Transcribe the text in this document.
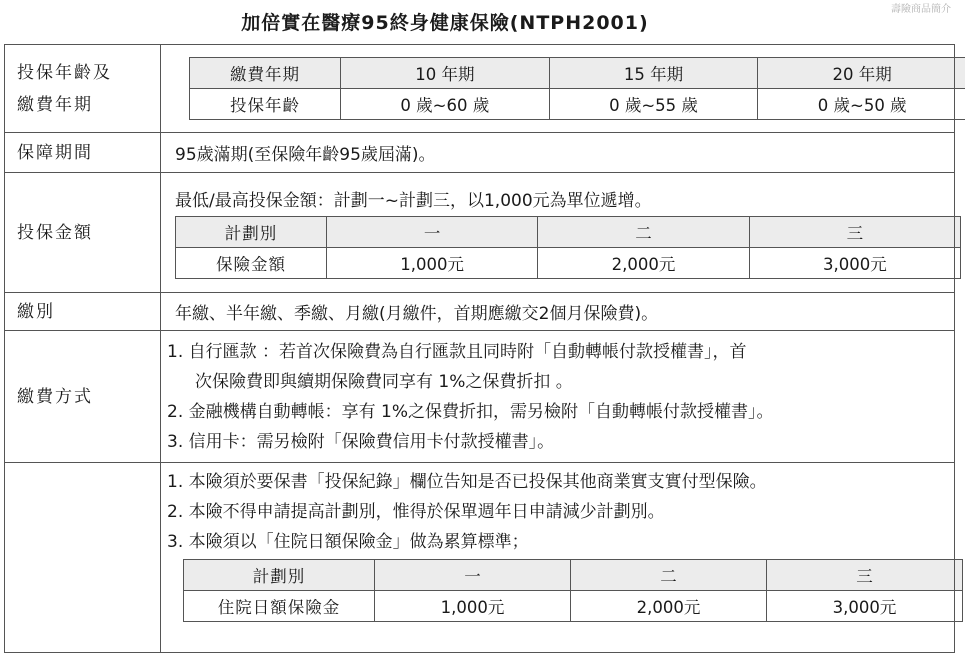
壽險商品簡介
加倍實在醫療95終身健康保險(NTPH2001)
投保年齡及
繳費年期

繳費年期	10 年期	15 年期	20 年期
投保年齡	0 歲~60 歲	0 歲~55 歲	0 歲~50 歲

保障期間	95歲滿期(至保險年齡95歲屆滿)。
投保金額	
最低/最高投保金額：計劃一~計劃三，以1,000元為單位遞增。
計劃別	一	二	三
保險金額	1,000元	2,000元	3,000元

繳別	年繳、半年繳、季繳、月繳(月繳件，首期應繳交2個月保險費)。
繳費方式	
1. 自行匯款 ：若首次保險費為自行匯款且同時附「自動轉帳付款授權書」，首
次保險費即與續期保險費同享有 1%之保費折扣 。
2. 金融機構自動轉帳：享有 1%之保費折扣，需另檢附「自動轉帳付款授權書」。
3. 信用卡：需另檢附「保險費信用卡付款授權書」。

1. 本險須於要保書「投保紀錄」欄位告知是否已投保其他商業實支實付型保險。
2. 本險不得申請提高計劃別，惟得於保單週年日申請減少計劃別。
3. 本險須以「住院日額保險金」做為累算標準；
計劃別	一	二	三
住院日額保險金	1,000元	2,000元	3,000元
